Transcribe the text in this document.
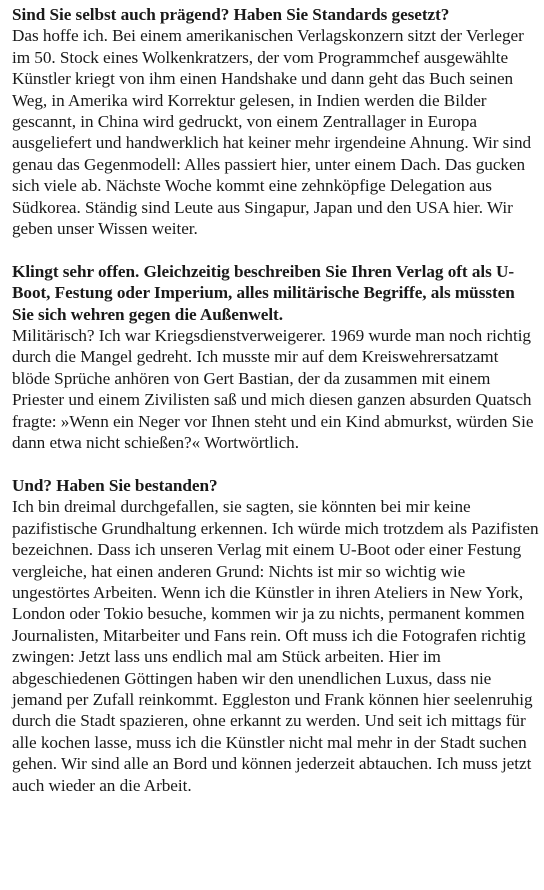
Sind Sie selbst auch prägend? Haben Sie Standards gesetzt?
Das hoffe ich. Bei einem amerikanischen Verlagskonzern sitzt der Verleger im 50. Stock eines Wolkenkratzers, der vom Programmchef ausgewählte Künstler kriegt von ihm einen Handshake und dann geht das Buch seinen Weg, in Amerika wird Korrektur gelesen, in Indien werden die Bilder gescannt, in China wird gedruckt, von einem Zentrallager in Europa ausgeliefert und handwerklich hat keiner mehr irgendeine Ahnung. Wir sind genau das Gegenmodell: Alles passiert hier, unter einem Dach. Das gucken sich viele ab. Nächste Woche kommt eine zehnköpfige Delegation aus Südkorea. Ständig sind Leute aus Singapur, Japan und den USA hier. Wir geben unser Wissen weiter.
Klingt sehr offen. Gleichzeitig beschreiben Sie Ihren Verlag oft als U-Boot, Festung oder Imperium, alles militärische Begriffe, als müssten Sie sich wehren gegen die Außenwelt.
Militärisch? Ich war Kriegsdienstverweigerer. 1969 wurde man noch richtig durch die Mangel gedreht. Ich musste mir auf dem Kreiswehrersatzamt blöde Sprüche anhören von Gert Bastian, der da zusammen mit einem Priester und einem Zivilisten saß und mich diesen ganzen absurden Quatsch fragte: »Wenn ein Neger vor Ihnen steht und ein Kind abmurkst, würden Sie dann etwa nicht schießen?« Wortwörtlich.
Und? Haben Sie bestanden?
Ich bin dreimal durchgefallen, sie sagten, sie könnten bei mir keine pazifistische Grundhaltung erkennen. Ich würde mich trotzdem als Pazifisten bezeichnen. Dass ich unseren Verlag mit einem U-Boot oder einer Festung vergleiche, hat einen anderen Grund: Nichts ist mir so wichtig wie ungestörtes Arbeiten. Wenn ich die Künstler in ihren Ateliers in New York, London oder Tokio besuche, kommen wir ja zu nichts, permanent kommen Journalisten, Mitarbeiter und Fans rein. Oft muss ich die Fotografen richtig zwingen: Jetzt lass uns endlich mal am Stück arbeiten. Hier im abgeschiedenen Göttingen haben wir den unendlichen Luxus, dass nie jemand per Zufall reinkommt. Eggleston und Frank können hier seelenruhig durch die Stadt spazieren, ohne erkannt zu werden. Und seit ich mittags für alle kochen lasse, muss ich die Künstler nicht mal mehr in der Stadt suchen gehen. Wir sind alle an Bord und können jederzeit abtauchen. Ich muss jetzt auch wieder an die Arbeit.
